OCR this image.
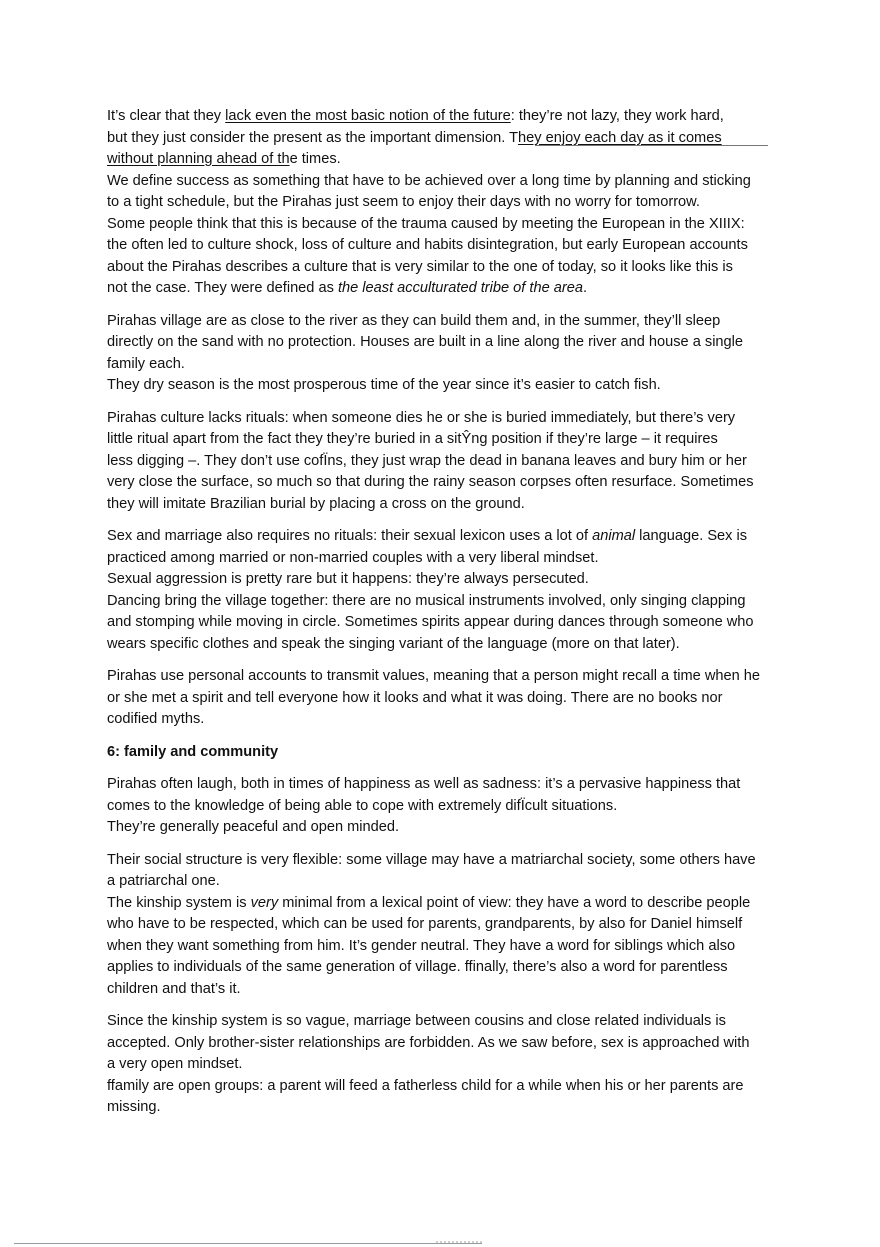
It’s clear that they lack even the most basic notion of the future: they’re not lazy, they work hard,
but they just consider the present as the important dimension. They enjoy each day as it comes
without planning ahead of the times.
We define success as something that have to be achieved over a long time by planning and sticking
to a tight schedule, but the Pirahas just seem to enjoy their days with no worry for tomorrow.
Some people think that this is because of the trauma caused by meeting the European in the XIIIX:
the often led to culture shock, loss of culture and habits disintegration, but early European accounts
about the Pirahas describes a culture that is very similar to the one of today, so it looks like this is
not the case. They were defined as the least acculturated tribe of the area.
Pirahas village are as close to the river as they can build them and, in the summer, they’ll sleep
directly on the sand with no protection. Houses are built in a line along the river and house a single
family each.
They dry season is the most prosperous time of the year since it’s easier to catch fish.
Pirahas culture lacks rituals: when someone dies he or she is buried immediately, but there’s very
little ritual apart from the fact they they’re buried in a sitŶng position if they’re large – it requires
less digging –. They don’t use cofÏns, they just wrap the dead in banana leaves and bury him or her
very close the surface, so much so that during the rainy season corpses often resurface. Sometimes
they will imitate Brazilian burial by placing a cross on the ground.
Sex and marriage also requires no rituals: their sexual lexicon uses a lot of animal language. Sex is
practiced among married or non-married couples with a very liberal mindset.
Sexual aggression is pretty rare but it happens: they’re always persecuted.
Dancing bring the village together: there are no musical instruments involved, only singing clapping
and stomping while moving in circle. Sometimes spirits appear during dances through someone who
wears specific clothes and speak the singing variant of the language (more on that later).
Pirahas use personal accounts to transmit values, meaning that a person might recall a time when he
or she met a spirit and tell everyone how it looks and what it was doing. There are no books nor
codified myths.
6: family and community
Pirahas often laugh, both in times of happiness as well as sadness: it’s a pervasive happiness that
comes to the knowledge of being able to cope with extremely difÏcult situations.
They’re generally peaceful and open minded.
Their social structure is very flexible: some village may have a matriarchal society, some others have
a patriarchal one.
The kinship system is very minimal from a lexical point of view: they have a word to describe people
who have to be respected, which can be used for parents, grandparents, by also for Daniel himself
when they want something from him. It’s gender neutral. They have a word for siblings which also
applies to individuals of the same generation of village. ffinally, there’s also a word for parentless
children and that’s it.
Since the kinship system is so vague, marriage between cousins and close related individuals is
accepted. Only brother-sister relationships are forbidden. As we saw before, sex is approached with
a very open mindset.
ffamily are open groups: a parent will feed a fatherless child for a while when his or her parents are
missing.
